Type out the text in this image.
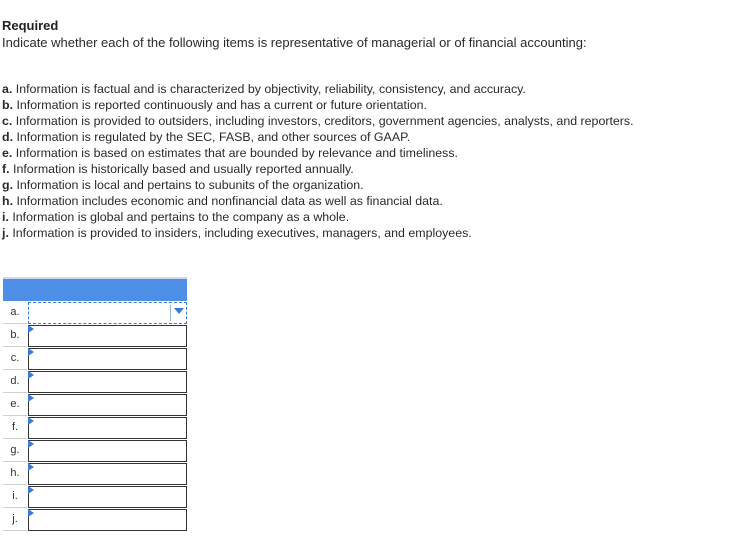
Required
Indicate whether each of the following items is representative of managerial or of financial accounting:
a. Information is factual and is characterized by objectivity, reliability, consistency, and accuracy.
b. Information is reported continuously and has a current or future orientation.
c. Information is provided to outsiders, including investors, creditors, government agencies, analysts, and reporters.
d. Information is regulated by the SEC, FASB, and other sources of GAAP.
e. Information is based on estimates that are bounded by relevance and timeliness.
f. Information is historically based and usually reported annually.
g. Information is local and pertains to subunits of the organization.
h. Information includes economic and nonfinancial data as well as financial data.
i. Information is global and pertains to the company as a whole.
j. Information is provided to insiders, including executives, managers, and employees.
a.
b.
c.
d.
e.
f.
g.
h.
i.
j.
